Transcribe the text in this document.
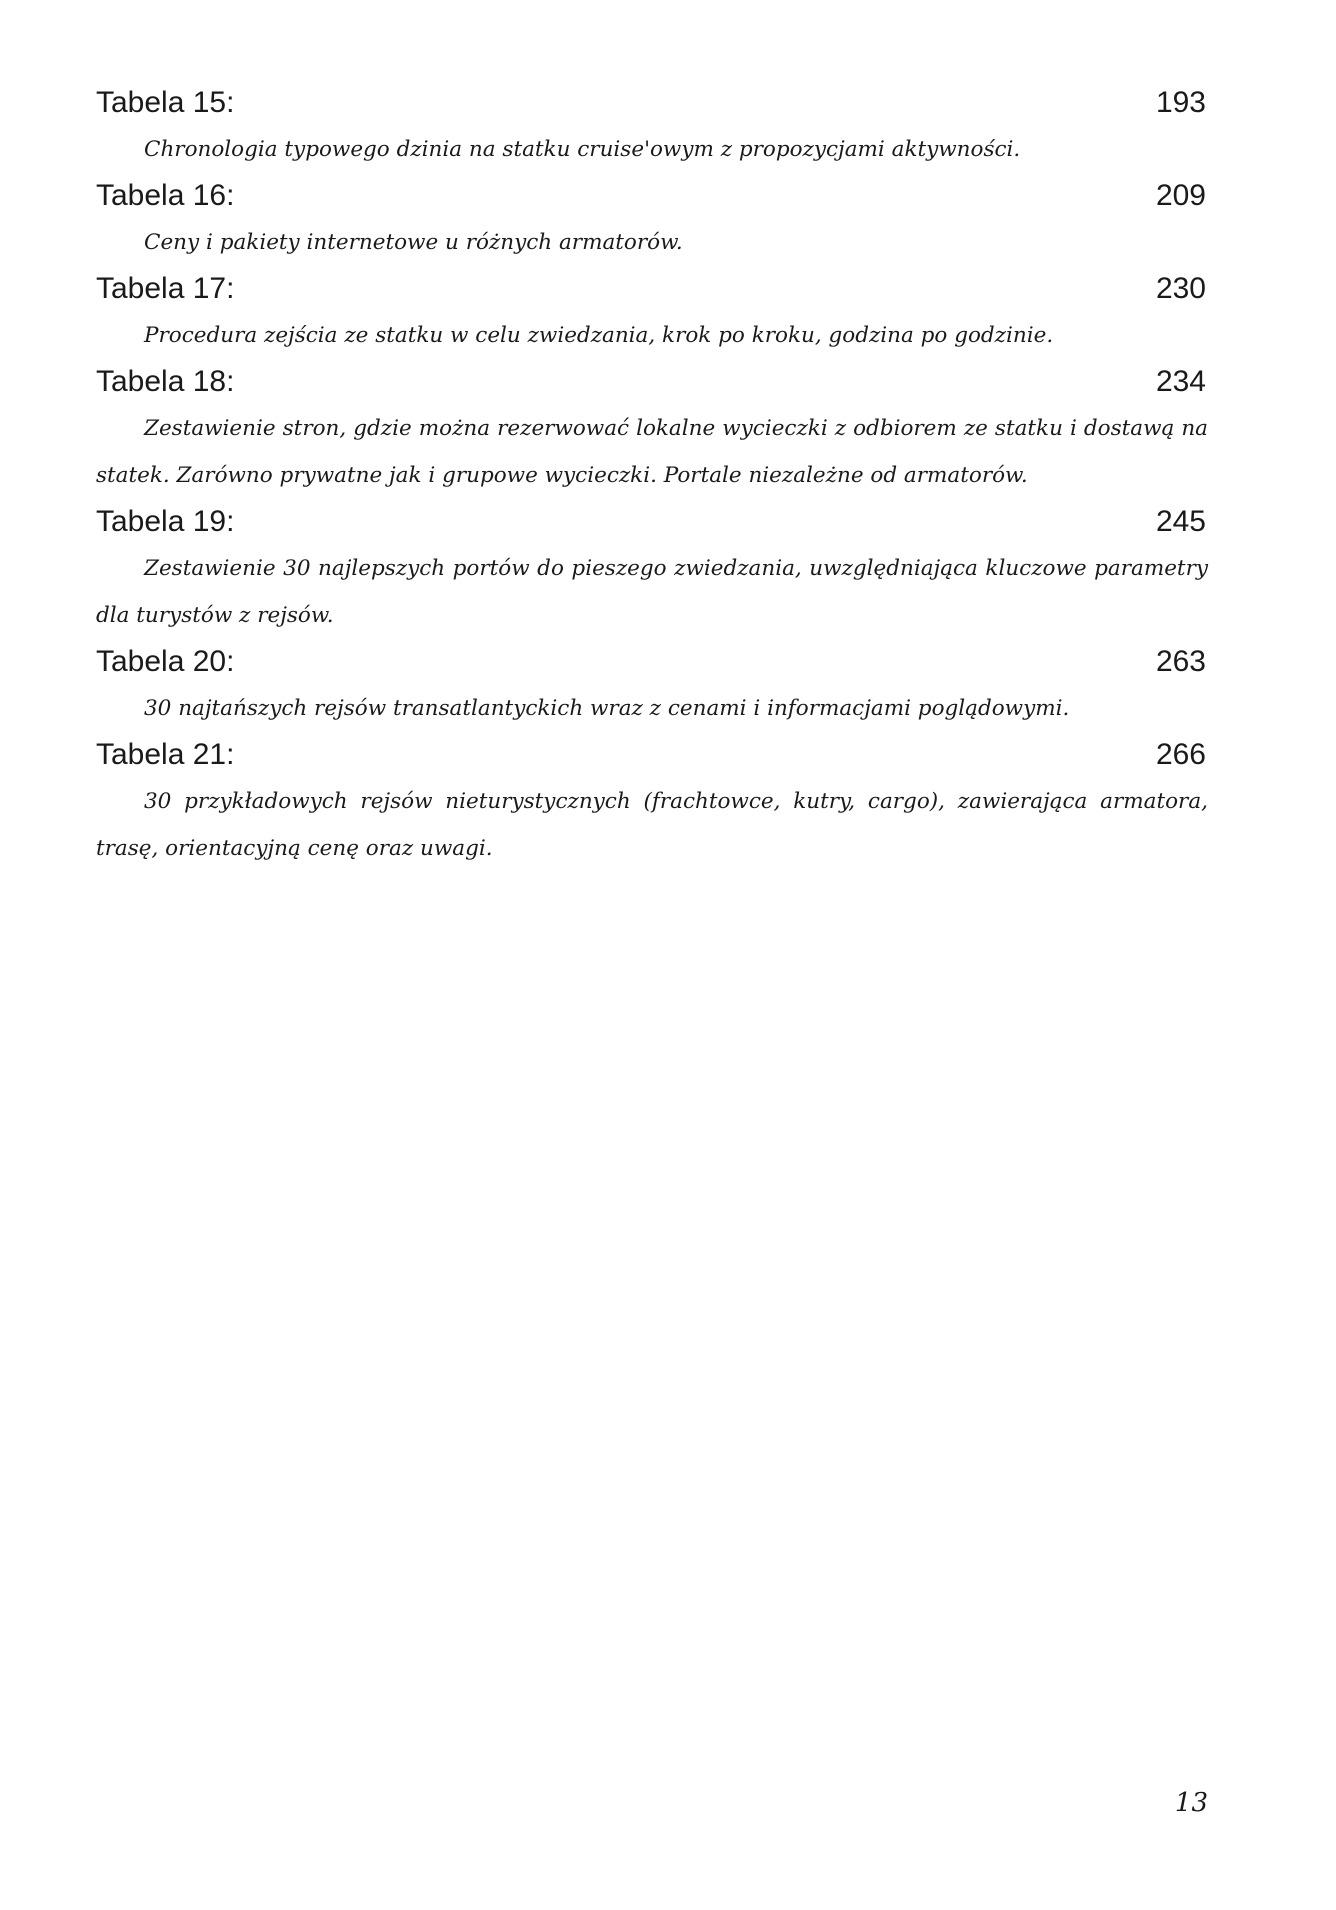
Tabela 15:	193

Chronologia typowego dzinia na statku cruise'owym z propozycjami aktywności.

Tabela 16:	209

Ceny i pakiety internetowe u różnych armatorów.

Tabela 17:	230

Procedura zejścia ze statku w celu zwiedzania, krok po kroku, godzina po godzinie.

Tabela 18:	234

Zestawienie stron, gdzie można rezerwować lokalne wycieczki z odbiorem ze statku i dostawą na statek. Zarówno prywatne jak i grupowe wycieczki. Portale niezależne od armatorów.

Tabela 19:	245

Zestawienie 30 najlepszych portów do pieszego zwiedzania, uwzględniająca kluczowe parametry dla turystów z rejsów.

Tabela 20:	263

30 najtańszych rejsów transatlantyckich wraz z cenami i informacjami poglądowymi.

Tabela 21:	266

30 przykładowych rejsów nieturystycznych (frachtowce, kutry, cargo), zawierająca armatora, trasę, orientacyjną cenę oraz uwagi.

13
